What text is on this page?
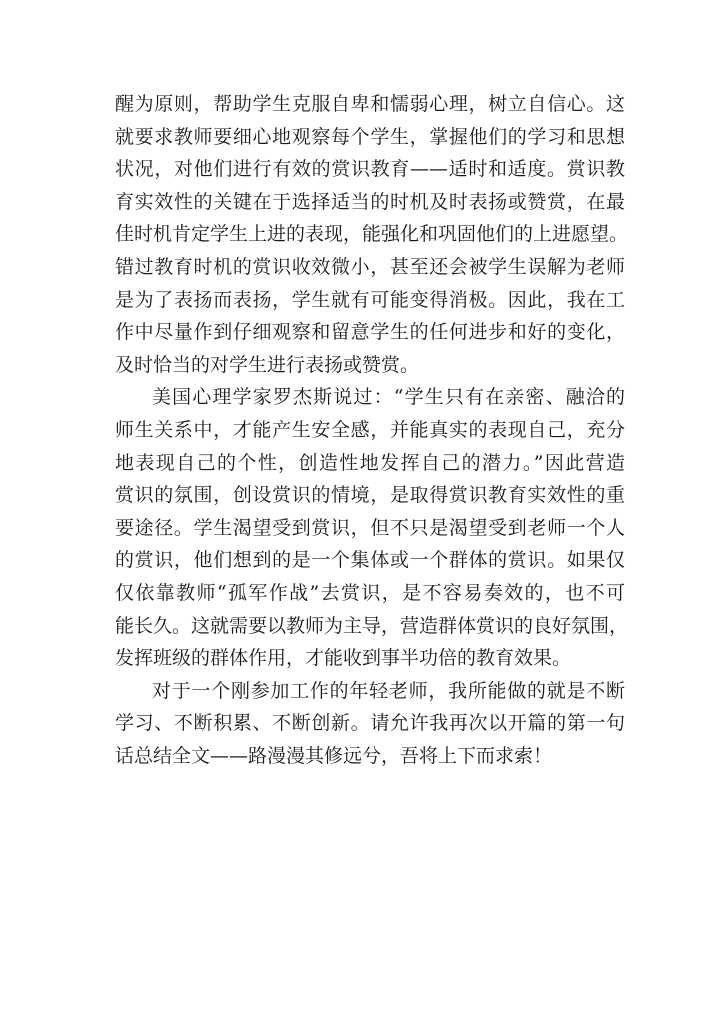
醒为原则，帮助学生克服自卑和懦弱心理，树立自信心。这
就要求教师要细心地观察每个学生，掌握他们的学习和思想
状况，对他们进行有效的赏识教育——适时和适度。赏识教
育实效性的关键在于选择适当的时机及时表扬或赞赏，在最
佳时机肯定学生上进的表现，能强化和巩固他们的上进愿望。
错过教育时机的赏识收效微小，甚至还会被学生误解为老师
是为了表扬而表扬，学生就有可能变得消极。因此，我在工
作中尽量作到仔细观察和留意学生的任何进步和好的变化，
及时恰当的对学生进行表扬或赞赏。
美国心理学家罗杰斯说过：“学生只有在亲密、融洽的
师生关系中，才能产生安全感，并能真实的表现自己，充分
地表现自己的个性，创造性地发挥自己的潜力。”因此营造
赏识的氛围，创设赏识的情境，是取得赏识教育实效性的重
要途径。学生渴望受到赏识，但不只是渴望受到老师一个人
的赏识，他们想到的是一个集体或一个群体的赏识。如果仅
仅依靠教师“孤军作战”去赏识，是不容易奏效的，也不可
能长久。这就需要以教师为主导，营造群体赏识的良好氛围，
发挥班级的群体作用，才能收到事半功倍的教育效果。
对于一个刚参加工作的年轻老师，我所能做的就是不断
学习、不断积累、不断创新。请允许我再次以开篇的第一句
话总结全文——路漫漫其修远兮，吾将上下而求索！
